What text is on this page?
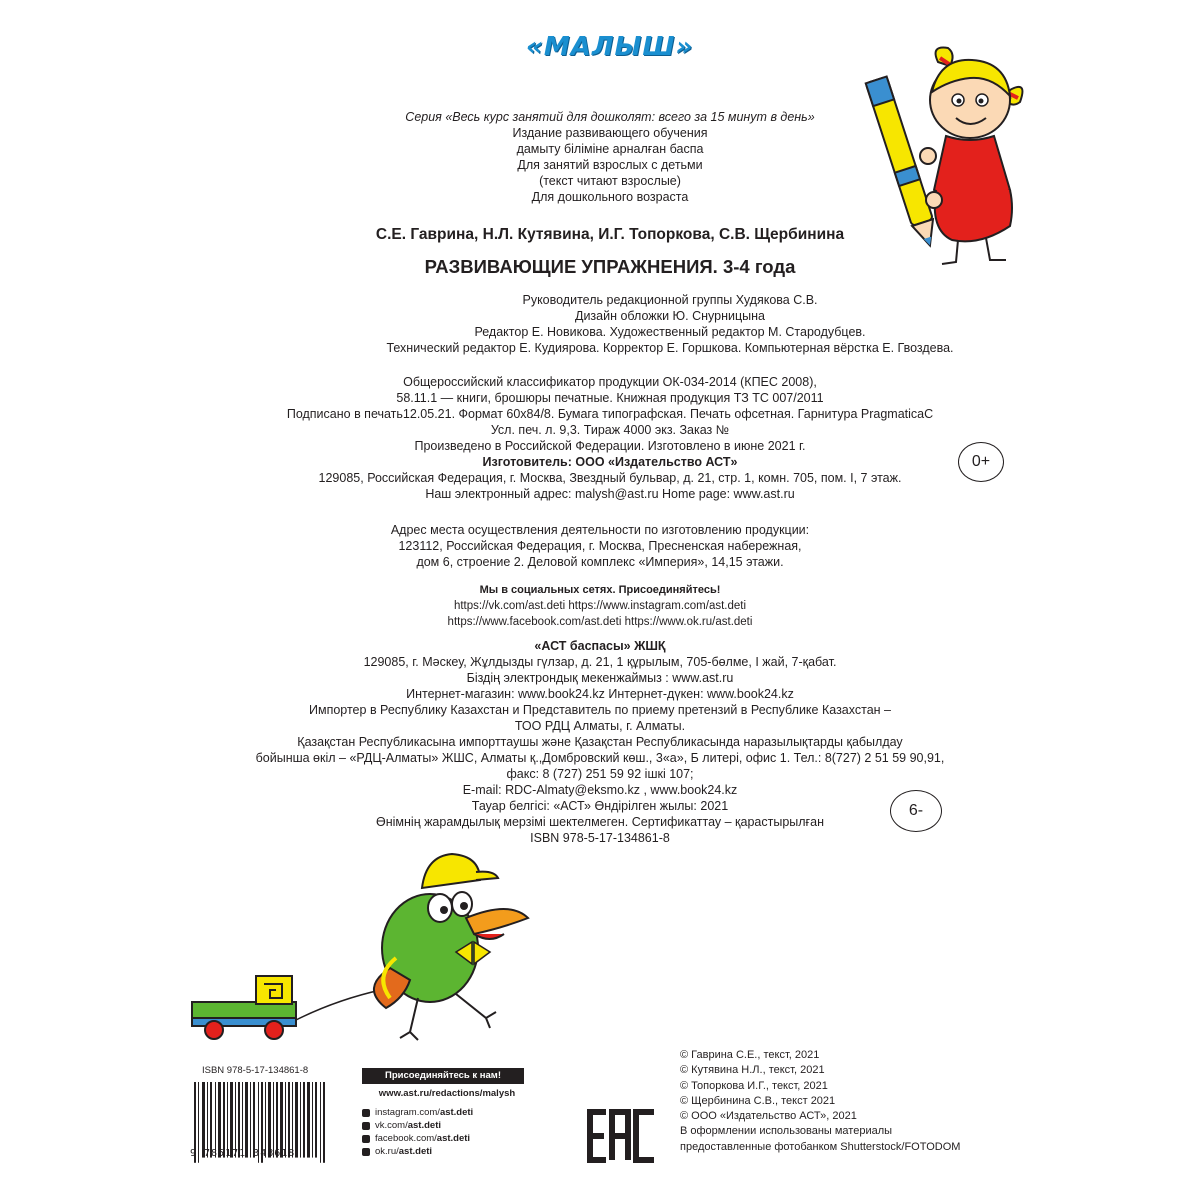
«МАЛЫШ»
Серия «Весь курс занятий для дошколят: всего за 15 минут в день»
Издание развивающего обучения
дамыту біліміне арналған баспа
Для занятий взрослых с детьми
(текст читают взрослые)
Для дошкольного возраста
С.Е. Гаврина, Н.Л. Кутявина, И.Г. Топоркова, С.В. Щербинина
РАЗВИВАЮЩИЕ УПРАЖНЕНИЯ. 3-4 года
Руководитель редакционной группы Худякова С.В.
Дизайн обложки Ю. Снурницына
Редактор Е. Новикова. Художественный редактор М. Стародубцев.
Технический редактор Е. Кудиярова. Корректор Е. Горшкова. Компьютерная вёрстка Е. Гвоздева.
Общероссийский классификатор продукции ОК-034-2014 (КПЕС 2008),
58.11.1 — книги, брошюры печатные. Книжная продукция ТЗ ТС 007/2011
Подписано в печать12.05.21. Формат 60x84/8. Бумага типографская. Печать офсетная. Гарнитура PragmaticaC
Усл. печ. л. 9,3. Тираж 4000 экз. Заказ №
Произведено в Российской Федерации. Изготовлено в июне 2021 г.
Изготовитель: ООО «Издательство АСТ»
129085, Российская Федерация, г. Москва, Звездный бульвар, д. 21, стр. 1, комн. 705, пом. I, 7 этаж.
Наш электронный адрес: malysh@ast.ru Home page: www.ast.ru
0+
Адрес места осуществления деятельности по изготовлению продукции:
123112, Российская Федерация, г. Москва, Пресненская набережная,
дом 6, строение 2. Деловой комплекс «Империя», 14,15 этажи.
Мы в социальных сетях. Присоединяйтесь!
https://vk.com/ast.deti https://www.instagram.com/ast.deti
https://www.facebook.com/ast.deti https://www.ok.ru/ast.deti
«АСТ баспасы» ЖШҚ
129085, г. Мәскеу, Жұлдызды гүлзар, д. 21, 1 құрылым, 705-бөлме, I жай, 7-қабат.
Біздің электрондық мекенжаймыз : www.ast.ru
Интернет-магазин: www.book24.kz Интернет-дүкен: www.book24.kz
Импортер в Республику Казахстан и Представитель по приему претензий в Республике Казахстан –
ТОО РДЦ Алматы, г. Алматы.
Қазақстан Республикасына импорттаушы және Қазақстан Республикасында наразылықтарды қабылдау
бойынша өкіл – «РДЦ-Алматы» ЖШС, Алматы қ.,Домбровский көш., 3«а», Б литері, офис 1. Тел.: 8(727) 2 51 59 90,91,
факс: 8 (727) 251 59 92 ішкі 107;
E-mail: RDC-Almaty@eksmo.kz , www.book24.kz
Тауар белгісі: «АСТ» Өндірілген жылы: 2021
Өнімнің жарамдылық мерзімі шектелмеген. Сертификаттау – қарастырылған
ISBN 978-5-17-134861-8
6-
ISBN 978-5-17-134861-8
9 785171 348618
Присоединяйтесь к нам!
www.ast.ru/redactions/malysh
instagram.com/ ast.deti
vk.com/ ast.deti
facebook.com/ ast.deti
ok.ru/ ast.deti
© Гаврина С.Е., текст, 2021
© Кутявина Н.Л., текст, 2021
© Топоркова И.Г., текст, 2021
© Щербинина С.В., текст 2021
© ООО «Издательство АСТ», 2021
В оформлении использованы материалы
предоставленные фотобанком Shutterstock/FOTODOM
